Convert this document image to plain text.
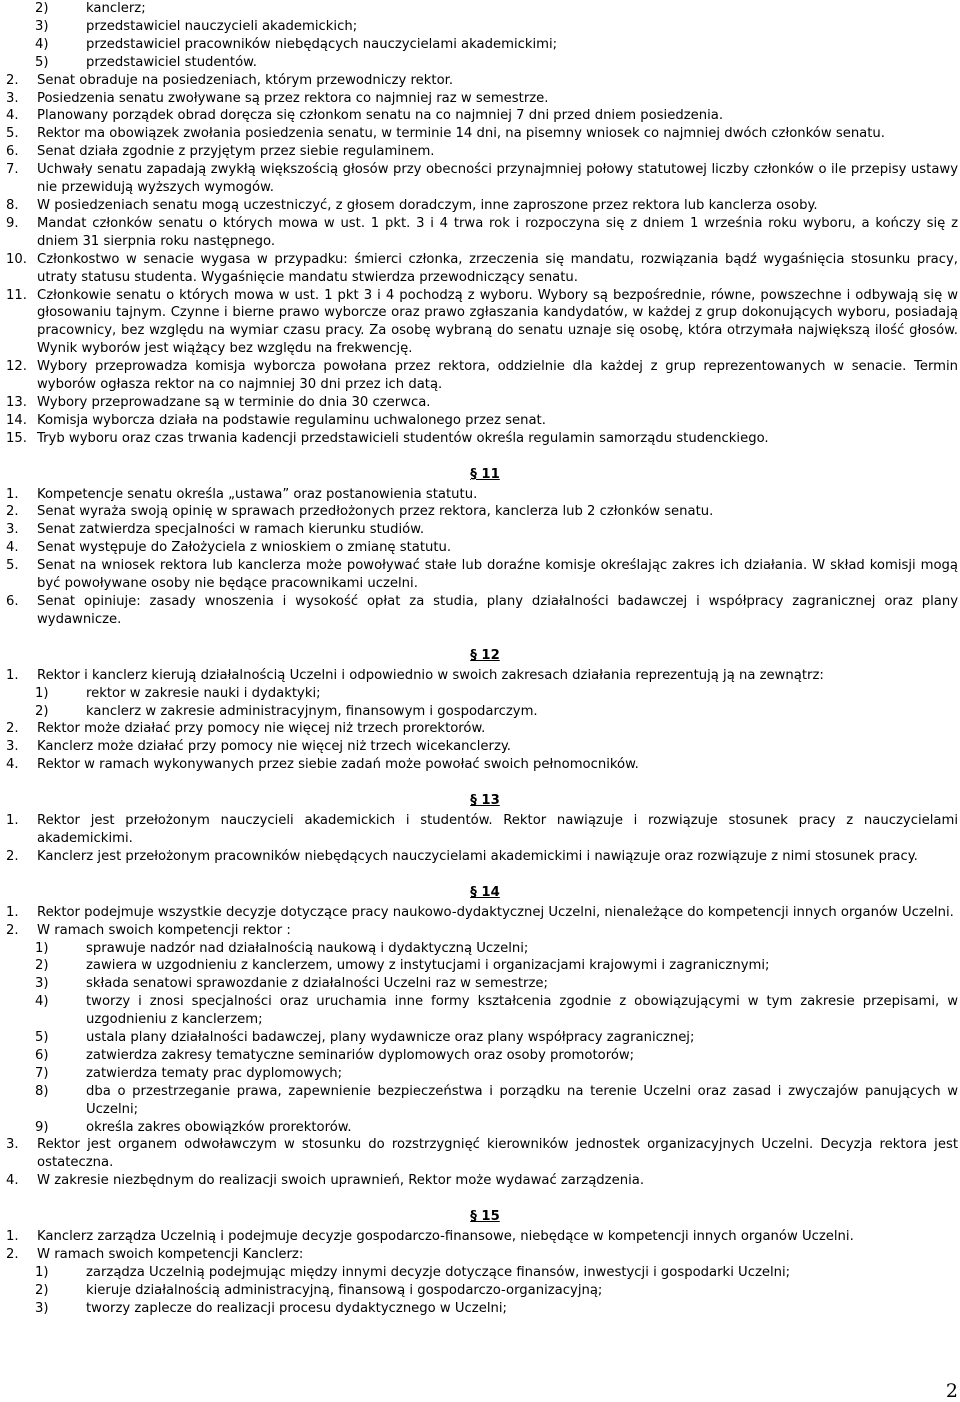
2)	kanclerz;
3)	przedstawiciel nauczycieli akademickich;
4)	przedstawiciel pracowników niebędących nauczycielami akademickimi;
5)	przedstawiciel studentów.
2.	Senat obraduje na posiedzeniach, którym przewodniczy rektor.
3.	Posiedzenia senatu zwoływane są przez rektora co najmniej raz w semestrze.
4.	Planowany porządek obrad doręcza się członkom senatu na co najmniej 7 dni przed dniem posiedzenia.
5.	Rektor ma obowiązek zwołania posiedzenia senatu, w terminie 14 dni, na pisemny wniosek co najmniej dwóch członków senatu.
6.	Senat działa zgodnie z przyjętym przez siebie regulaminem.
7.	Uchwały senatu zapadają zwykłą większością głosów przy obecności przynajmniej połowy statutowej liczby członków o ile przepisy ustawy nie przewidują wyższych wymogów.
8.	W posiedzeniach senatu mogą uczestniczyć, z głosem doradczym, inne zaproszone przez rektora lub kanclerza osoby.
9.	Mandat członków senatu o których mowa w ust. 1 pkt. 3 i 4 trwa rok i rozpoczyna się z dniem 1 września roku wyboru, a kończy się z dniem 31 sierpnia roku następnego.
10. Członkostwo w senacie wygasa w przypadku: śmierci członka, zrzeczenia się mandatu, rozwiązania bądź wygaśnięcia stosunku pracy, utraty statusu studenta. Wygaśnięcie mandatu stwierdza przewodniczący senatu.
11. Członkowie senatu o których mowa w ust. 1 pkt 3 i 4 pochodzą z wyboru. Wybory są bezpośrednie, równe, powszechne i odbywają się w głosowaniu tajnym. Czynne i bierne prawo wyborcze oraz prawo zgłaszania kandydatów, w każdej z grup dokonujących wyboru, posiadają pracownicy, bez względu na wymiar czasu pracy. Za osobę wybraną do senatu uznaje się osobę, która otrzymała największą ilość głosów. Wynik wyborów jest wiążący bez względu na frekwencję.
12. Wybory przeprowadza komisja wyborcza powołana przez rektora, oddzielnie dla każdej z grup reprezentowanych w senacie. Termin wyborów ogłasza rektor na co najmniej 30 dni przez ich datą.
13. Wybory przeprowadzane są w terminie do dnia 30 czerwca.
14. Komisja wyborcza działa na podstawie regulaminu uchwalonego przez senat.
15. Tryb wyboru oraz czas trwania kadencji przedstawicieli studentów określa regulamin samorządu studenckiego.
§ 11
1.	Kompetencje senatu określa „ustawa” oraz postanowienia statutu.
2.	Senat wyraża swoją opinię w sprawach przedłożonych przez rektora, kanclerza lub 2 członków senatu.
3.	Senat zatwierdza specjalności w ramach kierunku studiów.
4.	Senat występuje do Założyciela z wnioskiem o zmianę statutu.
5.	Senat na wniosek rektora lub kanclerza może powoływać stałe lub doraźne komisje określając zakres ich działania. W skład komisji mogą być powoływane osoby nie będące pracownikami uczelni.
6.	Senat opiniuje: zasady wnoszenia i wysokość opłat za studia, plany działalności badawczej i współpracy zagranicznej oraz plany wydawnicze.
§ 12
1.	Rektor i kanclerz kierują działalnością Uczelni i odpowiednio w swoich zakresach działania reprezentują ją na zewnątrz:
1)	rektor w zakresie nauki i dydaktyki;
2)	kanclerz w zakresie administracyjnym, finansowym i gospodarczym.
2.	Rektor może działać przy pomocy nie więcej niż trzech prorektorów.
3.	Kanclerz może działać przy pomocy nie więcej niż trzech wicekanclerzy.
4.	Rektor w ramach wykonywanych przez siebie zadań może powołać swoich pełnomocników.
§ 13
1.	Rektor jest przełożonym nauczycieli akademickich i studentów. Rektor nawiązuje i rozwiązuje stosunek pracy z nauczycielami akademickimi.
2.	Kanclerz jest przełożonym pracowników niebędących nauczycielami akademickimi i nawiązuje oraz rozwiązuje z nimi stosunek pracy.
§ 14
1.	Rektor podejmuje wszystkie decyzje dotyczące pracy naukowo-dydaktycznej Uczelni, nienależące do kompetencji innych organów Uczelni.
2.	W ramach swoich kompetencji rektor :
1)	sprawuje nadzór nad działalnością naukową i dydaktyczną Uczelni;
2)	zawiera w uzgodnieniu z kanclerzem, umowy z instytucjami i organizacjami krajowymi i zagranicznymi;
3)	składa senatowi sprawozdanie z działalności Uczelni raz w semestrze;
4)	tworzy i znosi specjalności oraz uruchamia inne formy kształcenia zgodnie z obowiązującymi w tym zakresie przepisami, w uzgodnieniu z kanclerzem;
5)	ustala plany działalności badawczej, plany wydawnicze oraz plany współpracy zagranicznej;
6)	zatwierdza zakresy tematyczne seminariów dyplomowych oraz osoby promotorów;
7)	zatwierdza tematy prac dyplomowych;
8)	dba o przestrzeganie prawa, zapewnienie bezpieczeństwa i porządku na terenie Uczelni oraz zasad i zwyczajów panujących w Uczelni;
9)	określa zakres obowiązków prorektorów.
3.	Rektor jest organem odwoławczym w stosunku do rozstrzygnięć kierowników jednostek organizacyjnych Uczelni. Decyzja rektora jest ostateczna.
4.	W zakresie niezbędnym do realizacji swoich uprawnień, Rektor może wydawać zarządzenia.
§ 15
1.	Kanclerz zarządza Uczelnią i podejmuje decyzje gospodarczo-finansowe, niebędące w kompetencji innych organów Uczelni.
2.	W ramach swoich kompetencji Kanclerz:
1)	zarządza Uczelnią podejmując między innymi decyzje dotyczące finansów, inwestycji i gospodarki Uczelni;
2)	kieruje działalnością administracyjną, finansową i gospodarczo-organizacyjną;
3)	tworzy zaplecze do realizacji procesu dydaktycznego w Uczelni;
2
